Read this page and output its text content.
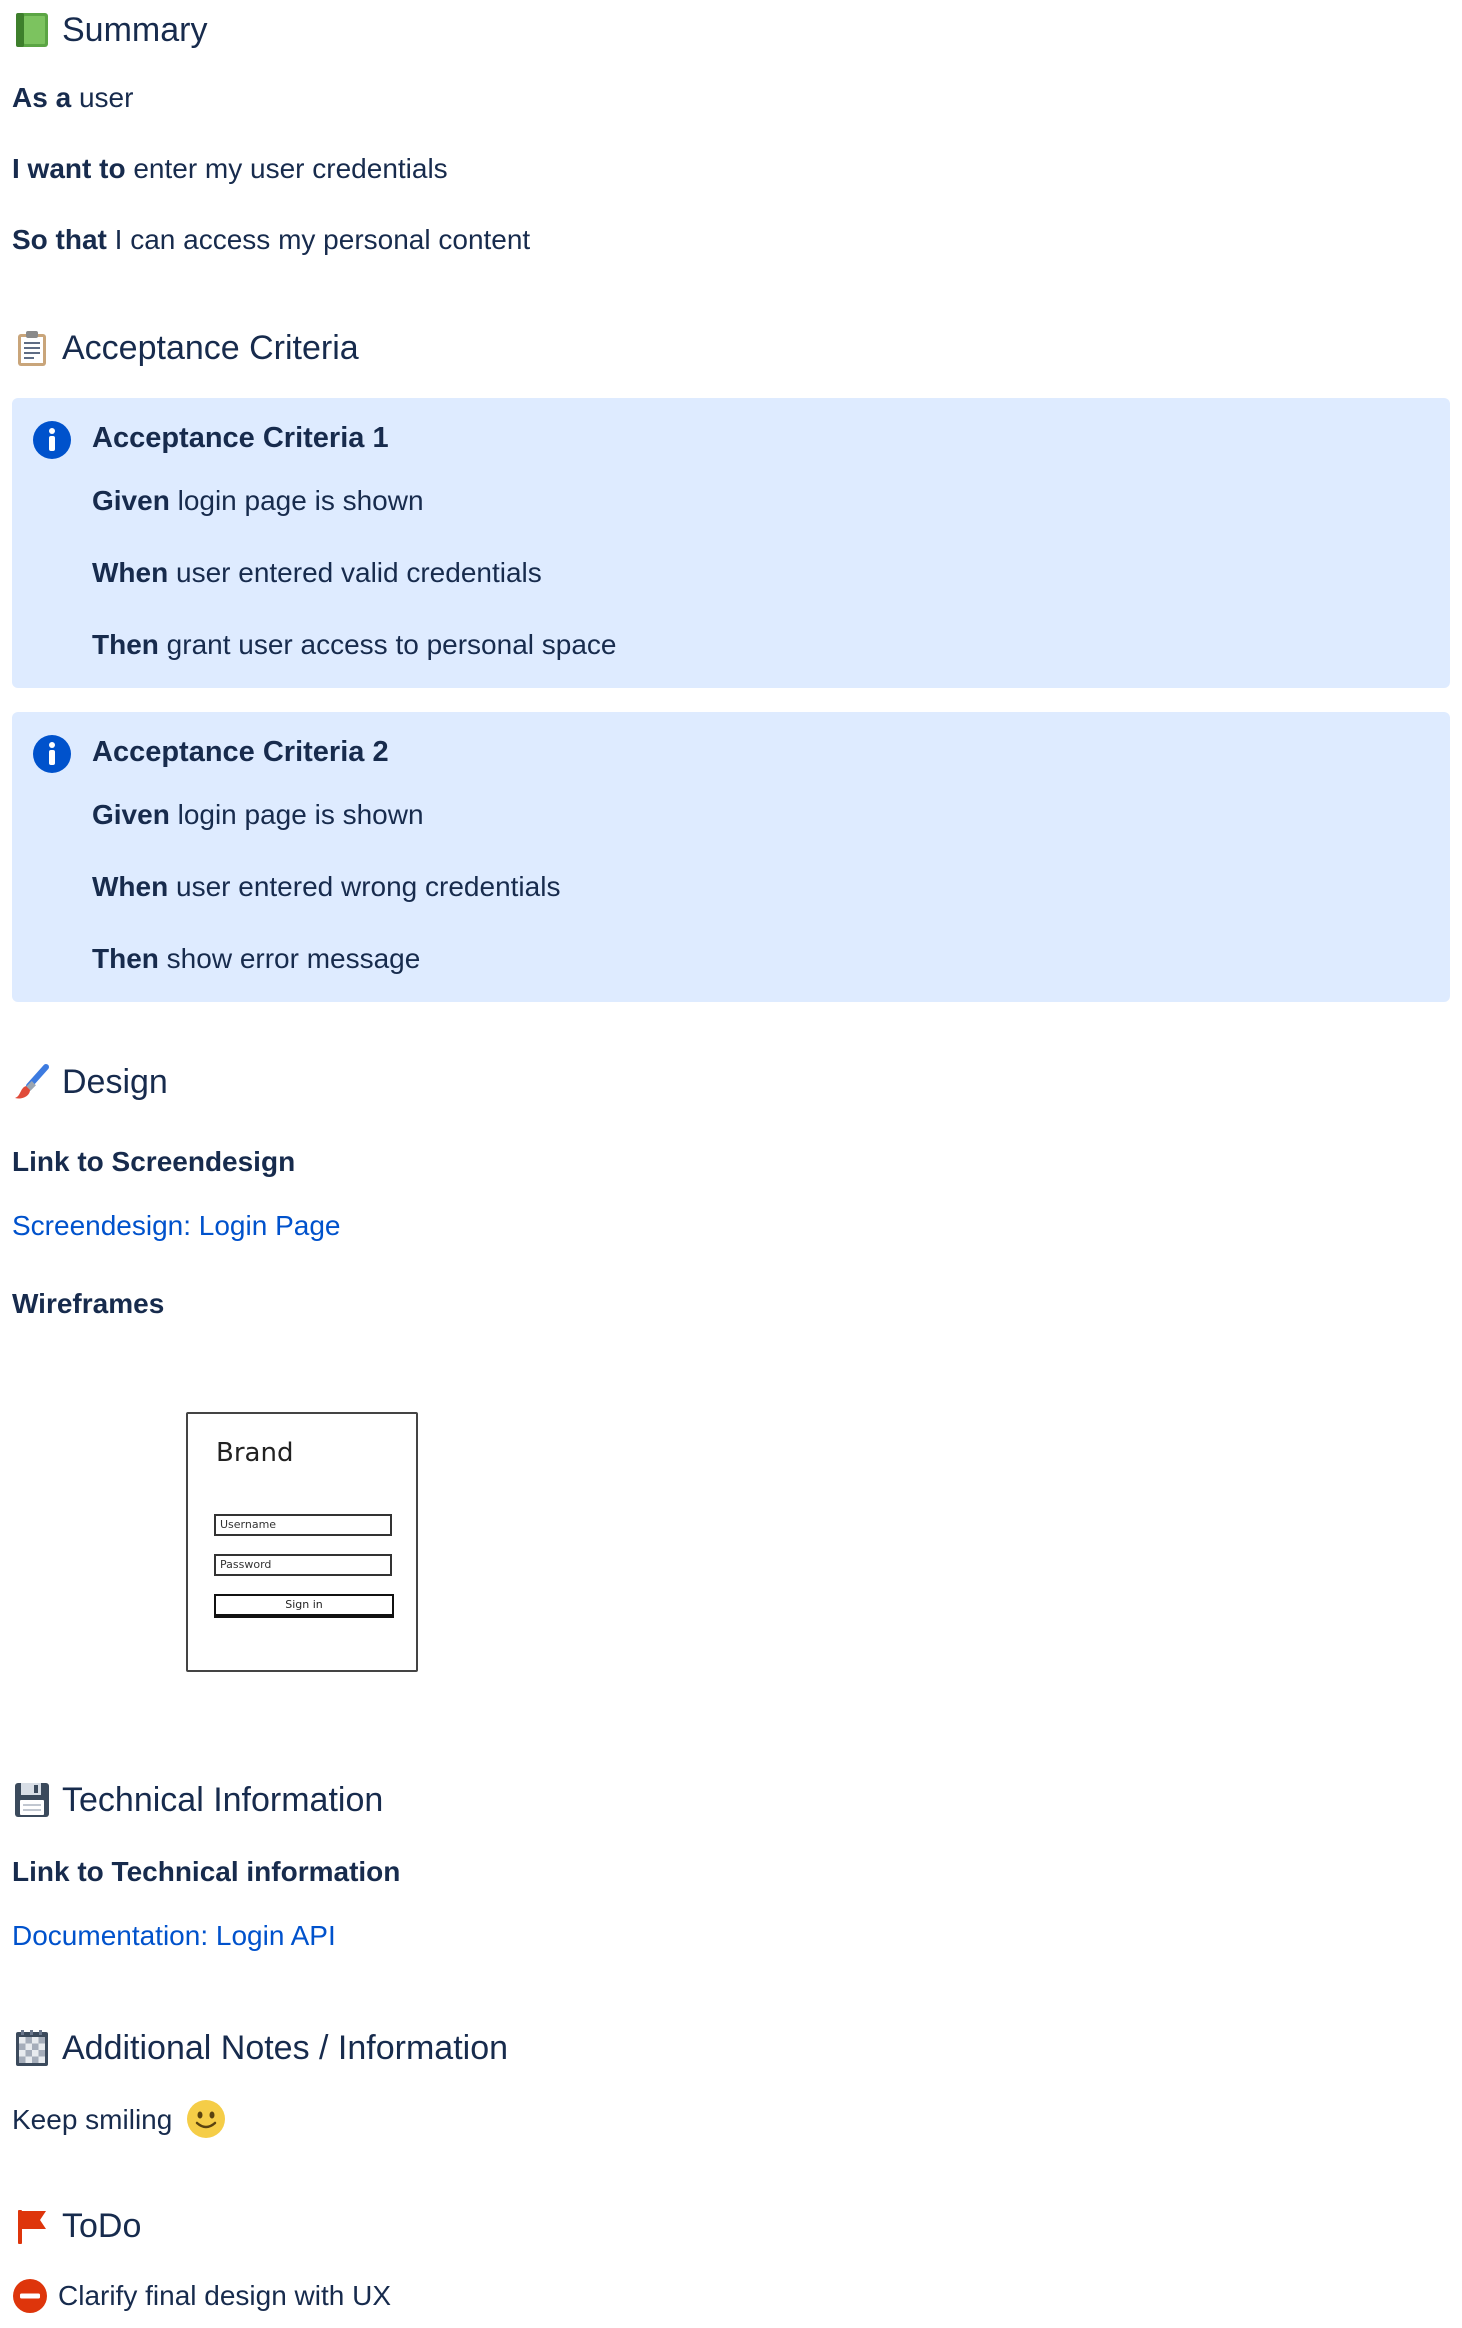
Summary
As a user
I want to enter my user credentials
So that I can access my personal content
Acceptance Criteria
Acceptance Criteria 1
Given login page is shown
When user entered valid credentials
Then grant user access to personal space
Acceptance Criteria 2
Given login page is shown
When user entered wrong credentials
Then show error message
Design
Link to Screendesign
Screendesign: Login Page
Wireframes
Brand
Username
Password
Sign in
Technical Information
Link to Technical information
Documentation: Login API
Additional Notes / Information
Keep smiling
ToDo
Clarify final design with UX
